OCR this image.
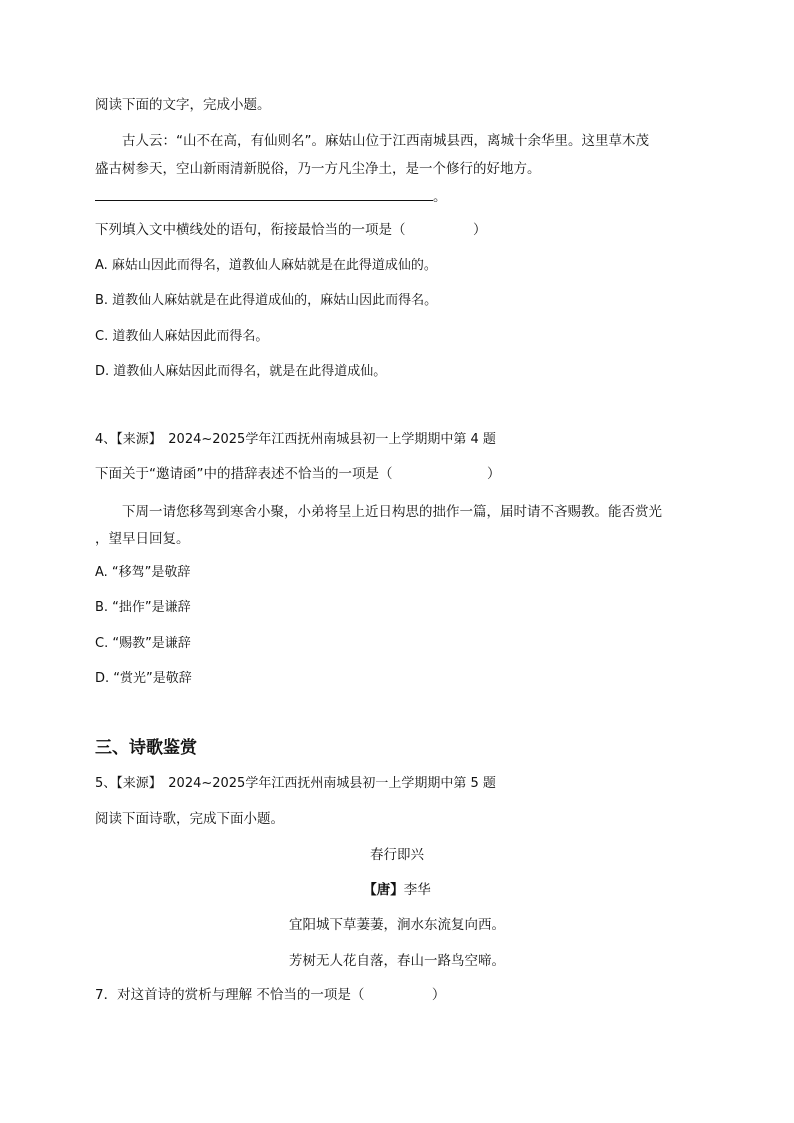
阅读下面的文字，完成小题。
古人云：“山不在高，有仙则名”。麻姑山位于江西南城县西，离城十余华里。这里草木茂
盛古树参天，空山新雨清新脱俗，乃一方凡尘净土，是一个修行的好地方。
。
下列填入文中横线处的语句，衔接最恰当的一项是（　　　　　）
A. 麻姑山因此而得名，道教仙人麻姑就是在此得道成仙的。
B. 道教仙人麻姑就是在此得道成仙的，麻姑山因此而得名。
C. 道教仙人麻姑因此而得名。
D. 道教仙人麻姑因此而得名，就是在此得道成仙。
4、【来源】　2024~2025学年江西抚州南城县初一上学期期中第 4 题
下面关于“邀请函”中的措辞表述不恰当的一项是（　　　　　　　）
下周一请您移驾到寒舍小聚，小弟将呈上近日构思的拙作一篇，届时请不吝赐教。能否赏光
，望早日回复。
A. “移驾”是敬辞
B. “拙作”是谦辞
C. “赐教”是谦辞
D. “赏光”是敬辞
三、诗歌鉴赏
5、【来源】　2024~2025学年江西抚州南城县初一上学期期中第 5 题
阅读下面诗歌，完成下面小题。
春行即兴
【唐】李华
宜阳城下草萋萋，涧水东流复向西。
芳树无人花自落，春山一路鸟空啼。
7．对这首诗的赏析与理解 不恰当的一项是（　　　　　）
